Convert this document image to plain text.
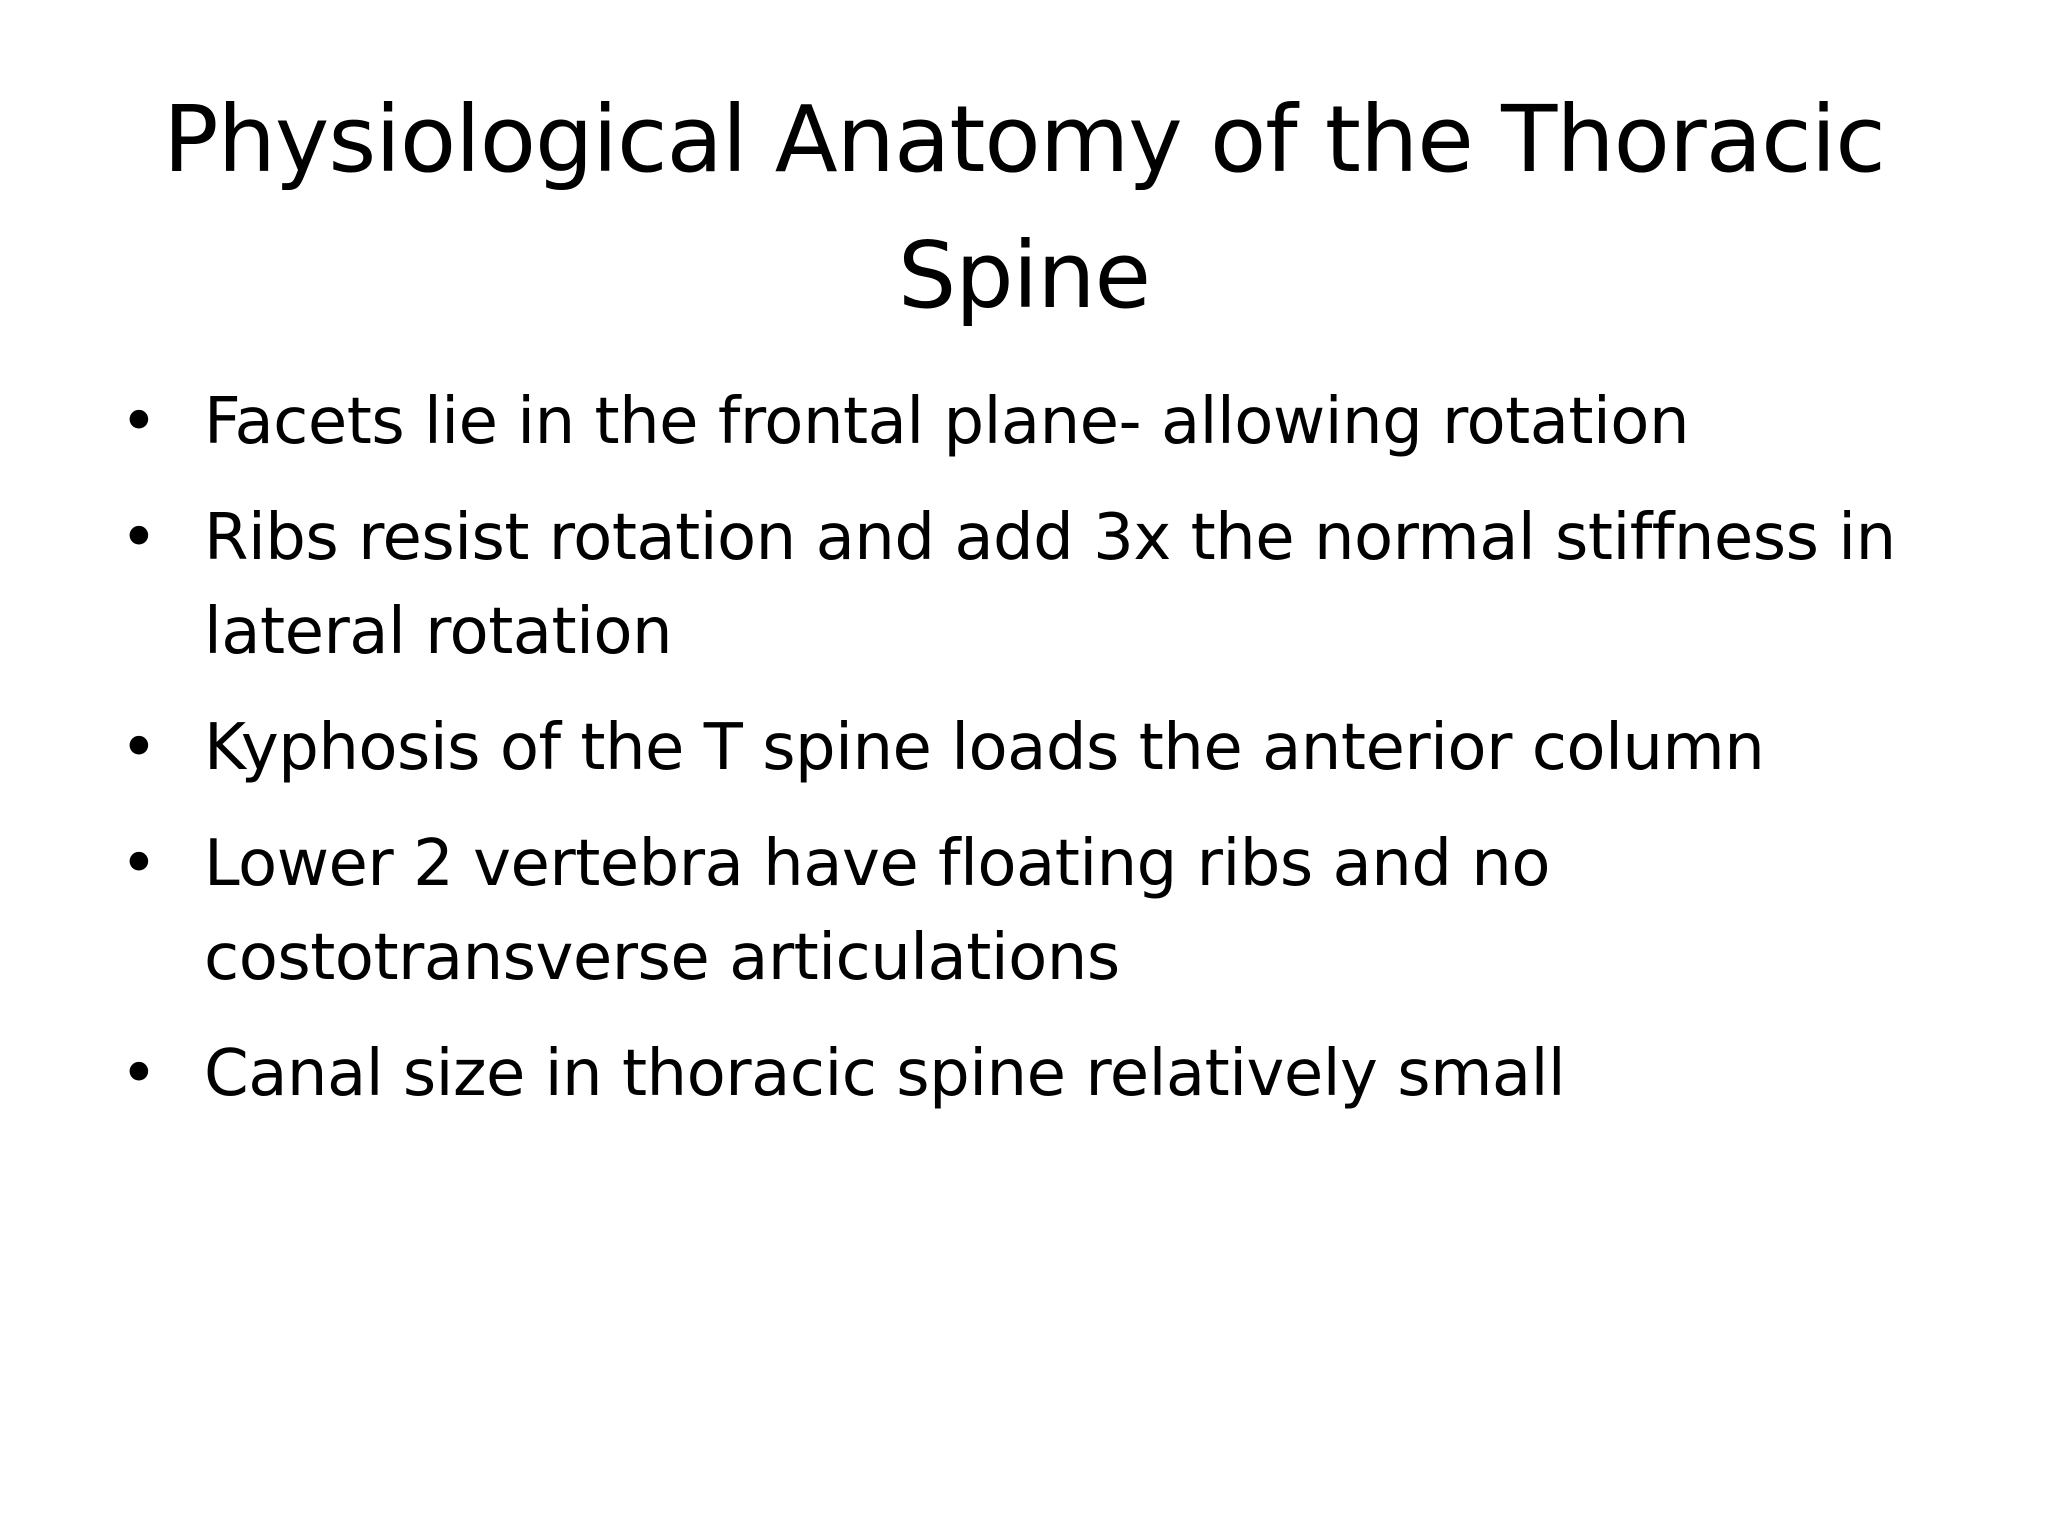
Physiological Anatomy of the Thoracic Spine
• Facets lie in the frontal plane- allowing rotation
• Ribs resist rotation and add 3x the normal stiffness in lateral rotation
• Kyphosis of the T spine loads the anterior column
• Lower 2 vertebra have floating ribs and no costotransverse articulations
• Canal size in thoracic spine relatively small
